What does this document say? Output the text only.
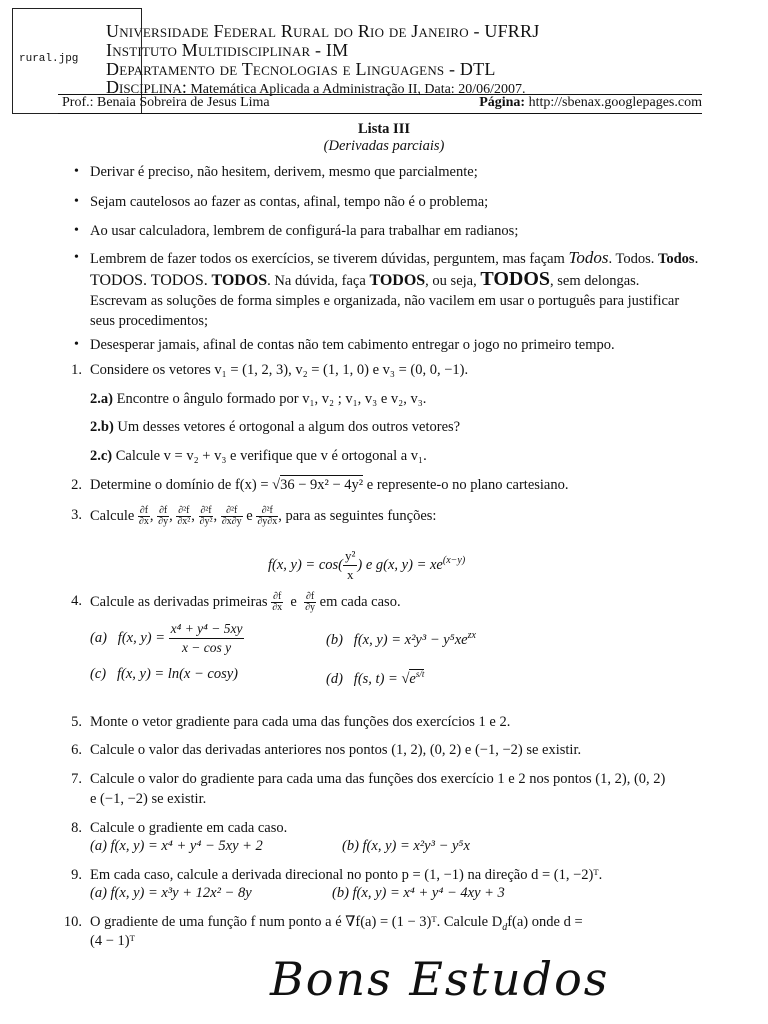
rural.jpg
Universidade Federal Rural do Rio de Janeiro - UFRRJ
Instituto Multidisciplinar - IM
Departamento de Tecnologias e Linguagens - DTL
Disciplina: Matemática Aplicada a Administração II, Data: 20/06/2007.
Prof.: Benaia Sobreira de Jesus Lima	Página: http://sbenax.googlepages.com
Lista III
(Derivadas parciais)
• Derivar é preciso, não hesitem, derivem, mesmo que parcialmente;
• Sejam cautelosos ao fazer as contas, afinal, tempo não é o problema;
• Ao usar calculadora, lembrem de configurá-la para trabalhar em radianos;
• Lembrem de fazer todos os exercícios, se tiverem dúvidas, perguntem, mas façam Todos. Todos. Todos. TODOS. TODOS. TODOS. Na dúvida, faça TODOS, ou seja, TODOS, sem delongas. Escrevam as soluções de forma simples e organizada, não vacilem em usar o português para justificar seus procedimentos;
• Desesperar jamais, afinal de contas não tem cabimento entregar o jogo no primeiro tempo.
1. Considere os vetores v₁ = (1, 2, 3), v₂ = (1, 1, 0) e v₃ = (0, 0, −1).
2.a) Encontre o ângulo formado por v₁, v₂ ; v₁, v₃ e v₂, v₃.
2.b) Um desses vetores é ortogonal a algum dos outros vetores?
2.c) Calcule v = v₂ + v₃ e verifique que v é ortogonal a v₁.
2. Determine o domínio de f(x) = √36 − 9x² − 4y² e represente-o no plano cartesiano.
3. Calcule $\frac{\partial f}{\partial x}$ , $\frac{\partial f}{\partial y}$ , $\frac{\text{∂²f}}{\text{∂x²}}$ , $\frac{\text{∂²f}}{\text{∂y²}}$ , $\frac{\text{∂²f}}{\partial x\partial y}$ e $\frac{\text{∂²f}}{\partial y\partial x}$ , para as seguintes funções:
f(x, $y) = \cos( \frac{\text{y²}}{x}$ ) e g(x, $y) = xe^{(x-y)}$
4. Calcule as derivadas primeiras $\frac{\partial f}{\partial x}$ e $\frac{\partial f}{\partial y}$ em cada caso.
(a) f(x, $y) = \frac{\text{x⁴ + y⁴ − 5xy}}{\text{x − cos y}}$	(b) f(x, $y) = x^2y^3 - y^5xe^{zx}$
(c) f(x, y) = ln(x − cosy)	(d) f(s, $t) = √e^{s/t}$
5. Monte o vetor gradiente para cada uma das funções dos exercícios 1 e 2.
6. Calcule o valor das derivadas anteriores nos pontos (1, 2), (0, 2) e (−1, −2) se existir.
7. Calcule o valor do gradiente para cada uma das funções dos exercício 1 e 2 nos pontos (1, 2), (0, 2)
e (−1, −2) se existir.
8. Calcule o gradiente em cada caso.
(a) f(x, y) = x⁴ + y⁴ − 5xy + 2	(b) f(x, y) = x²y³ − y⁵x
9. Em cada caso, calcule a derivada direcional no ponto p = (1, −1) na direção d = (1, −2)ᵀ.
(a) f(x, y) = x³y + 12x² − 8y	(b) f(x, y) = x⁴ + y⁴ − 4xy + 3
10. O gradiente de uma função f num ponto a é ∇f(a) = (1 − 3)ᵀ. Calcule $D_df(a)$ onde d =
(4 − 1)ᵀ
Bons Estudos
